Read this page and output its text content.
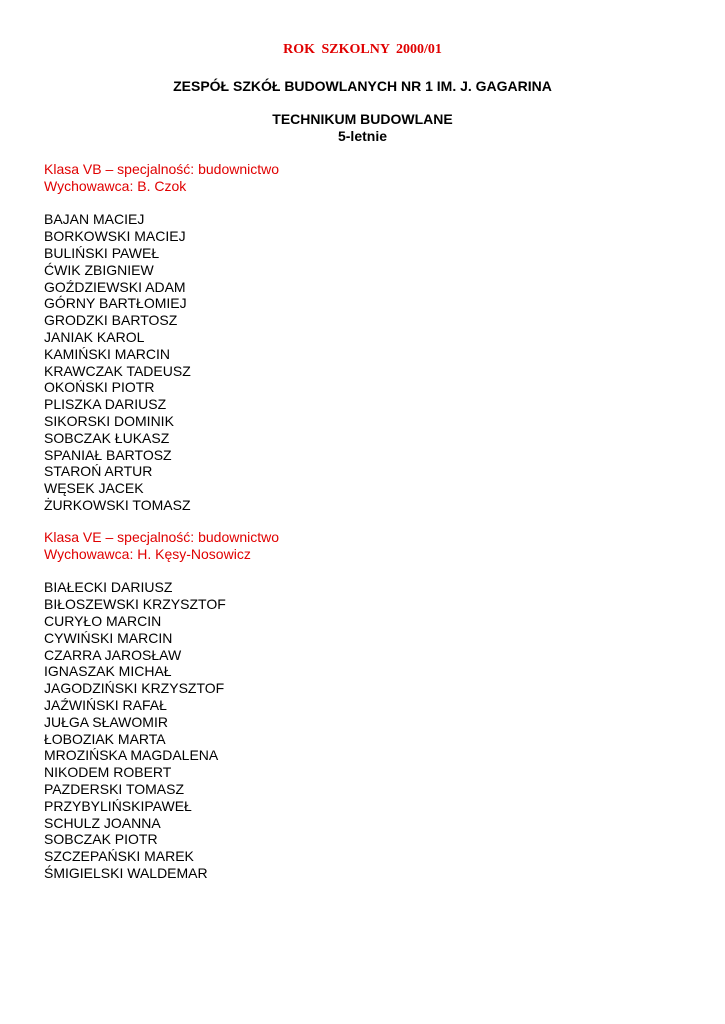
ROK SZKOLNY 2000/01
ZESPÓŁ SZKÓŁ BUDOWLANYCH NR 1 IM. J. GAGARINA
TECHNIKUM BUDOWLANE
5-letnie
Klasa VB – specjalność: budownictwo
Wychowawca: B. Czok
BAJAN MACIEJ
BORKOWSKI MACIEJ
BULIŃSKI PAWEŁ
ĆWIK ZBIGNIEW
GOŹDZIEWSKI ADAM
GÓRNY BARTŁOMIEJ
GRODZKI BARTOSZ
JANIAK KAROL
KAMIŃSKI MARCIN
KRAWCZAK TADEUSZ
OKOŃSKI PIOTR
PLISZKA DARIUSZ
SIKORSKI DOMINIK
SOBCZAK ŁUKASZ
SPANIAŁ BARTOSZ
STAROŃ ARTUR
WĘSEK JACEK
ŻURKOWSKI TOMASZ
Klasa VE – specjalność: budownictwo
Wychowawca: H. Kęsy-Nosowicz
BIAŁECKI DARIUSZ
BIŁOSZEWSKI KRZYSZTOF
CURYŁO MARCIN
CYWIŃSKI MARCIN
CZARRA JAROSŁAW
IGNASZAK MICHAŁ
JAGODZIŃSKI KRZYSZTOF
JAŹWIŃSKI RAFAŁ
JUŁGA SŁAWOMIR
ŁOBOZIAK MARTA
MROZIŃSKA MAGDALENA
NIKODEM ROBERT
PAZDERSKI TOMASZ
PRZYBYLIŃSKIPAWEŁ
SCHULZ JOANNA
SOBCZAK PIOTR
SZCZEPAŃSKI MAREK
ŚMIGIELSKI WALDEMAR
